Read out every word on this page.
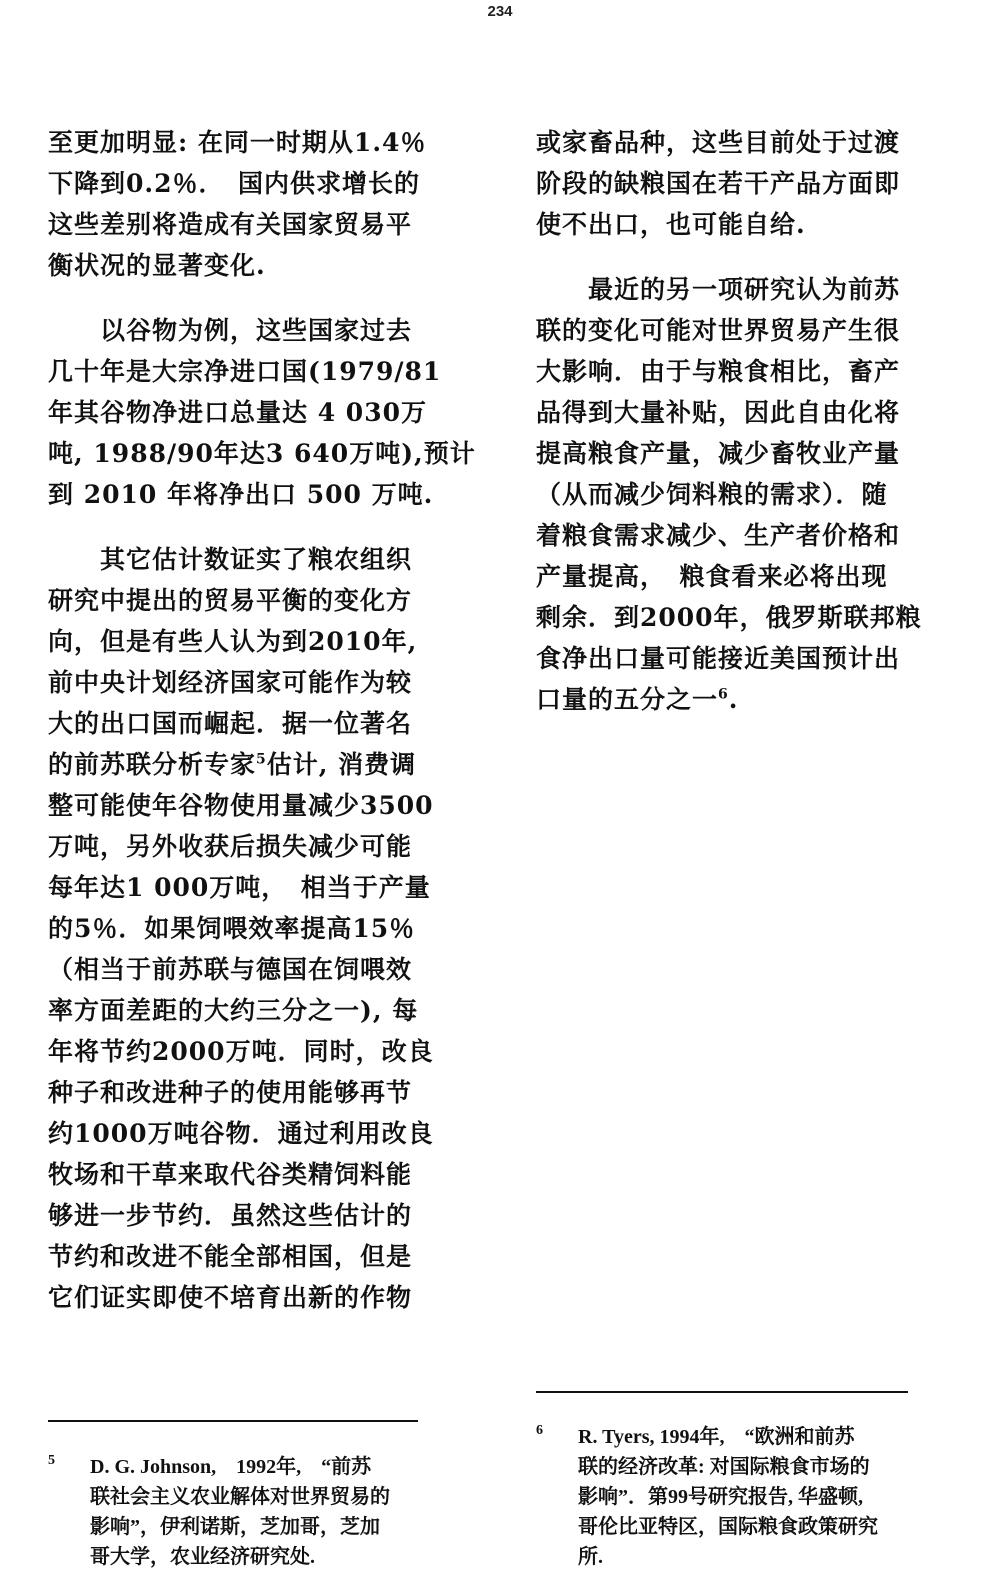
234
至更加明显: 在同一时期从1.4％
下降到0.2％．　国内供求增长的
这些差别将造成有关国家贸易平
衡状况的显著变化.
以谷物为例，这些国家过去
几十年是大宗净进口国(1979/81
年其谷物净进口总量达 4 030万
吨, 1988/90年达3 640万吨),预计
到 2010 年将净出口 500 万吨.
其它估计数证实了粮农组织
研究中提出的贸易平衡的变化方
向，但是有些人认为到2010年,
前中央计划经济国家可能作为较
大的出口国而崛起．据一位著名
的前苏联分析专家$^5$估计, 消费调
整可能使年谷物使用量减少3500
万吨，另外收获后损失减少可能
每年达1 000万吨，　相当于产量
的5％．如果饲喂效率提高15％
（相当于前苏联与德国在饲喂效
率方面差距的大约三分之一), 每
年将节约2000万吨．同时，改良
种子和改进种子的使用能够再节
约1000万吨谷物．通过利用改良
牧场和干草来取代谷类精饲料能
够进一步节约．虽然这些估计的
节约和改进不能全部相国，但是
它们证实即使不培育出新的作物
或家畜品种，这些目前处于过渡
阶段的缺粮国在若干产品方面即
使不出口，也可能自给.
最近的另一项研究认为前苏
联的变化可能对世界贸易产生很
大影响．由于与粮食相比，畜产
品得到大量补贴，因此自由化将
提高粮食产量，减少畜牧业产量
（从而减少饲料粮的需求）．随
着粮食需求减少、生产者价格和
产量提高，　粮食看来必将出现
剩余．到2000年，俄罗斯联邦粮
食净出口量可能接近美国预计出
口量的五分之一$^6$.
5 D. G. Johnson,　1992年,　“前苏
联社会主义农业解体对世界贸易的
影响”，伊利诺斯，芝加哥，芝加
哥大学，农业经济研究处.
6 R. Tyers, 1994年,　“欧洲和前苏
联的经济改革: 对国际粮食市场的
影响”．第99号研究报告, 华盛顿,
哥伦比亚特区，国际粮食政策研究
所.
